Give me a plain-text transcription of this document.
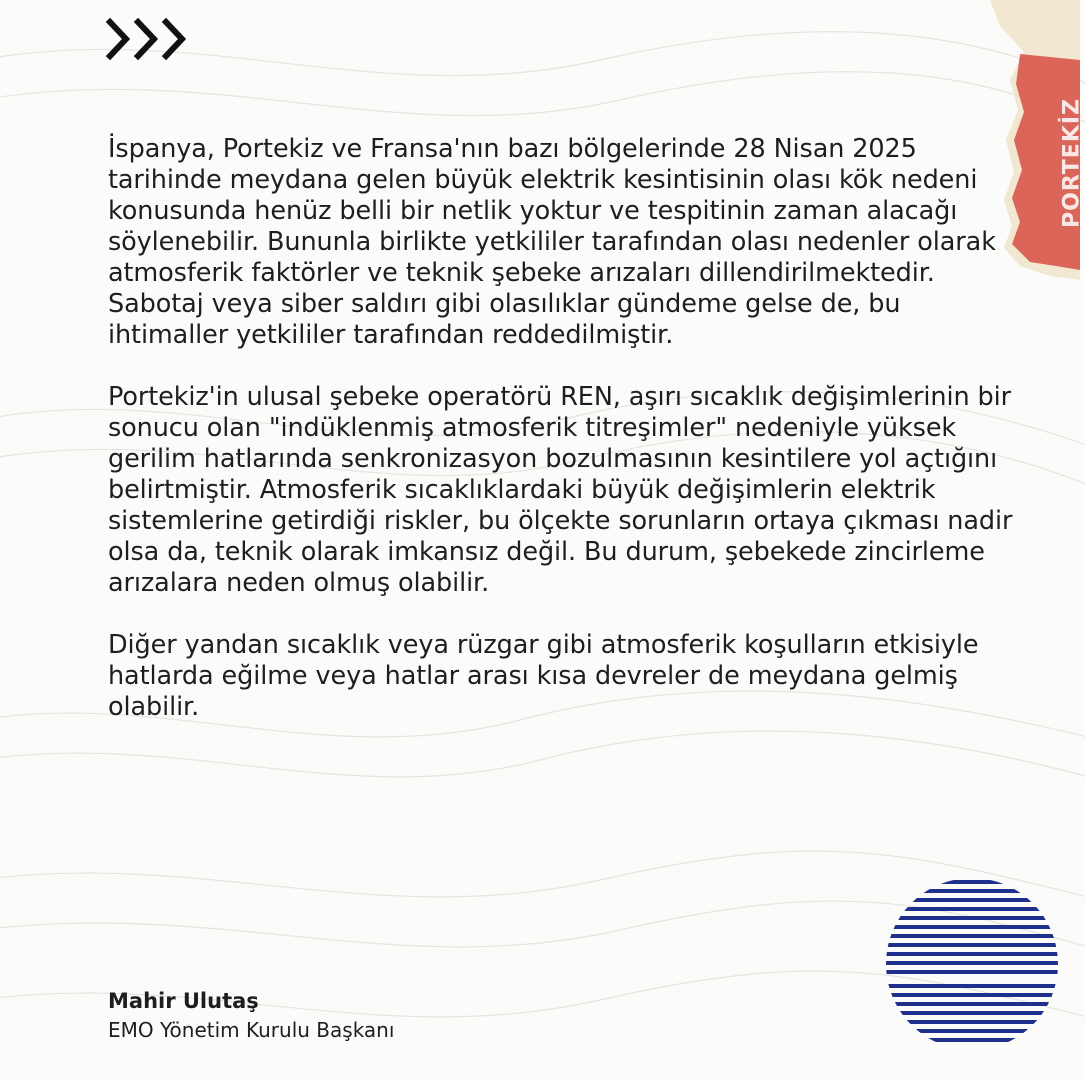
PORTEKİZ

İspanya, Portekiz ve Fransa'nın bazı bölgelerinde 28 Nisan 2025 tarihinde meydana gelen büyük elektrik kesintisinin olası kök nedeni konusunda henüz belli bir netlik yoktur ve tespitinin zaman alacağı söylenebilir. Bununla birlikte yetkililer tarafından olası nedenler olarak atmosferik faktörler ve teknik şebeke arızaları dillendirilmektedir. Sabotaj veya siber saldırı gibi olasılıklar gündeme gelse de, bu ihtimaller yetkililer tarafından reddedilmiştir.

Portekiz'in ulusal şebeke operatörü REN, aşırı sıcaklık değişimlerinin bir sonucu olan "indüklenmiş atmosferik titreşimler" nedeniyle yüksek gerilim hatlarında senkronizasyon bozulmasının kesintilere yol açtığını belirtmiştir. Atmosferik sıcaklıklardaki büyük değişimlerin elektrik sistemlerine getirdiği riskler, bu ölçekte sorunların ortaya çıkması nadir olsa da, teknik olarak imkansız değil. Bu durum, şebekede zincirleme arızalara neden olmuş olabilir.

Diğer yandan sıcaklık veya rüzgar gibi atmosferik koşulların etkisiyle hatlarda eğilme veya hatlar arası kısa devreler de meydana gelmiş olabilir.

Mahir Ulutaş
EMO Yönetim Kurulu Başkanı
